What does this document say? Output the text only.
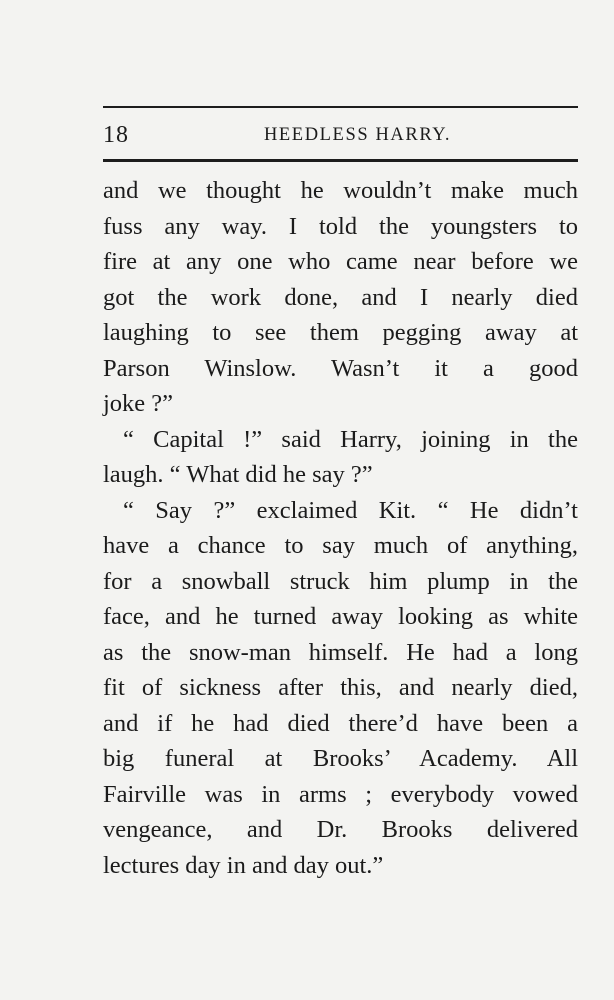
18	HEEDLESS HARRY.
and we thought he wouldn’t make much
fuss any way. I told the youngsters to
fire at any one who came near before we
got the work done, and I nearly died
laughing to see them pegging away at
Parson Winslow. Wasn’t it a good
joke ?”
“ Capital !” said Harry, joining in the
laugh. “ What did he say ?”
“ Say ?” exclaimed Kit. “ He didn’t
have a chance to say much of anything,
for a snowball struck him plump in the
face, and he turned away looking as white
as the snow-man himself. He had a long
fit of sickness after this, and nearly died,
and if he had died there’d have been a
big funeral at Brooks’ Academy. All
Fairville was in arms ; everybody vowed
vengeance, and Dr. Brooks delivered
lectures day in and day out.”
